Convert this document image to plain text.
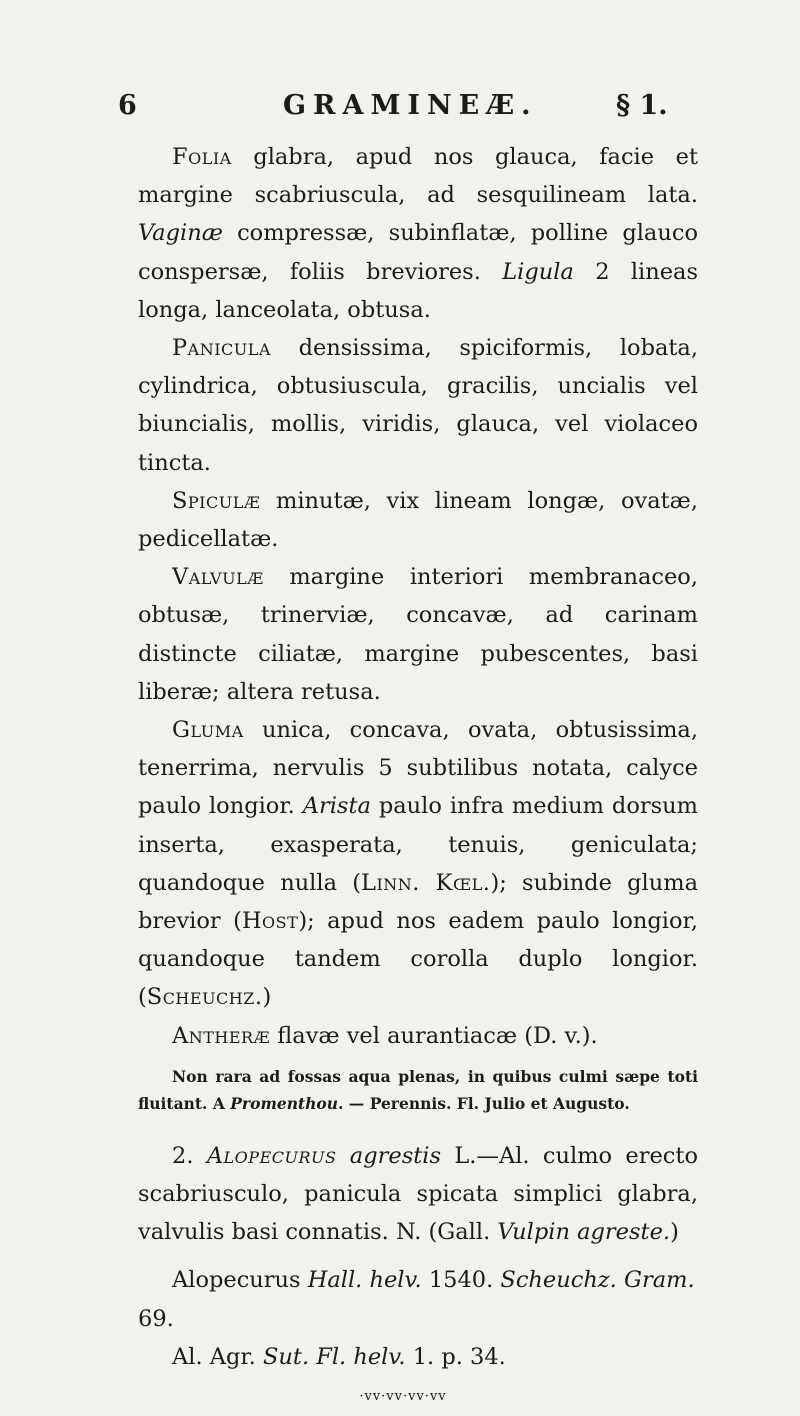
6	GRAMINEÆ.	§ 1.

Folia glabra, apud nos glauca, facie et margine scabriuscula, ad sesquilineam lata. Vaginæ compressæ, subinflatæ, polline glauco conspersæ, foliis breviores. Ligula 2 lineas longa, lanceolata, obtusa.

Panicula densissima, spiciformis, lobata, cylindrica, obtusiuscula, gracilis, uncialis vel biuncialis, mollis, viridis, glauca, vel violaceo tincta.

Spiculæ minutæ, vix lineam longæ, ovatæ, pedicellatæ.

Valvulæ margine interiori membranaceo, obtusæ, trinerviæ, concavæ, ad carinam distincte ciliatæ, margine pubescentes, basi liberæ; altera retusa.

Gluma unica, concava, ovata, obtusissima, tenerrima, nervulis 5 subtilibus notata, calyce paulo longior. Arista paulo infra medium dorsum inserta, exasperata, tenuis, geniculata; quandoque nulla (Linn. Kœl.); subinde gluma brevior (Host); apud nos eadem paulo longior, quandoque tandem corolla duplo longior. (Scheuchz.)

Antheræ flavæ vel aurantiacæ (D. v.).

Non rara ad fossas aqua plenas, in quibus culmi sæpe toti fluitant. A Promenthou. — Perennis. Fl. Julio et Augusto.

2. Alopecurus agrestis L.—Al. culmo erecto scabriusculo, panicula spicata simplici glabra, valvulis basi connatis. N. (Gall. Vulpin agreste.)

Alopecurus Hall. helv. 1540. Scheuchz. Gram. 69.

Al. Agr. Sut. Fl. helv. 1. p. 34.

·vv·vv·vv·vv
